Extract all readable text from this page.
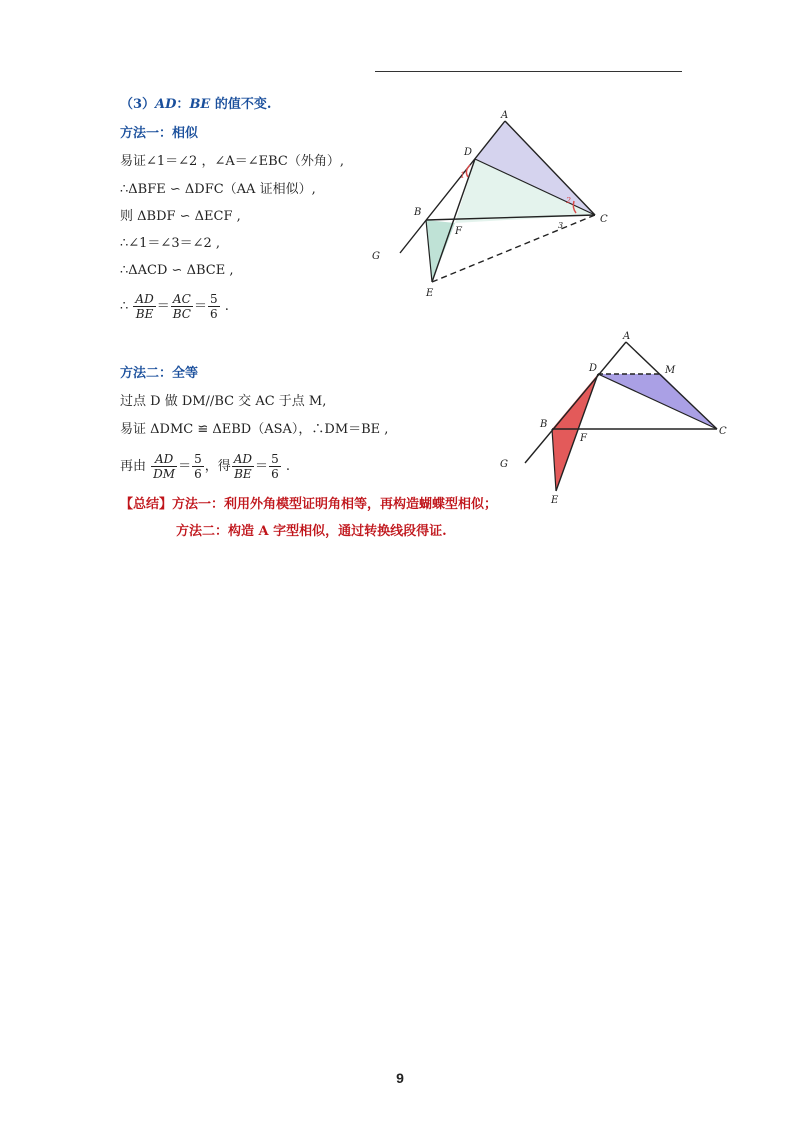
（3）AD：BE 的值不变.
方法一：相似
易证∠1＝∠2 ，∠A＝∠EBC（外角）,
∴ΔBFE ∽ ΔDFC（AA 证相似）,
则 ΔBDF ∽ ΔECF ,
∴∠1＝∠3＝∠2 ,
∴ΔACD ∽ ΔBCE ,
∴ $\frac{AD}{BE} = \frac{AC}{BC} = \frac{5}{6}$ .
A
D
B
C
F
G
E
1
2
3
方法二：全等
过点 D 做 DM//BC 交 AC 于点 M,
易证 ΔDMC ≌ ΔEBD（ASA），∴DM＝BE ,
再由 $\frac{AD}{DM} = \frac{5}{6}$ ，得 $\frac{AD}{BE} = \frac{5}{6}$ .
A
D	M
B
C
F
G
E
【总结】方法一：利用外角模型证明角相等，再构造蝴蝶型相似；
方法二：构造 A 字型相似，通过转换线段得证.
9
